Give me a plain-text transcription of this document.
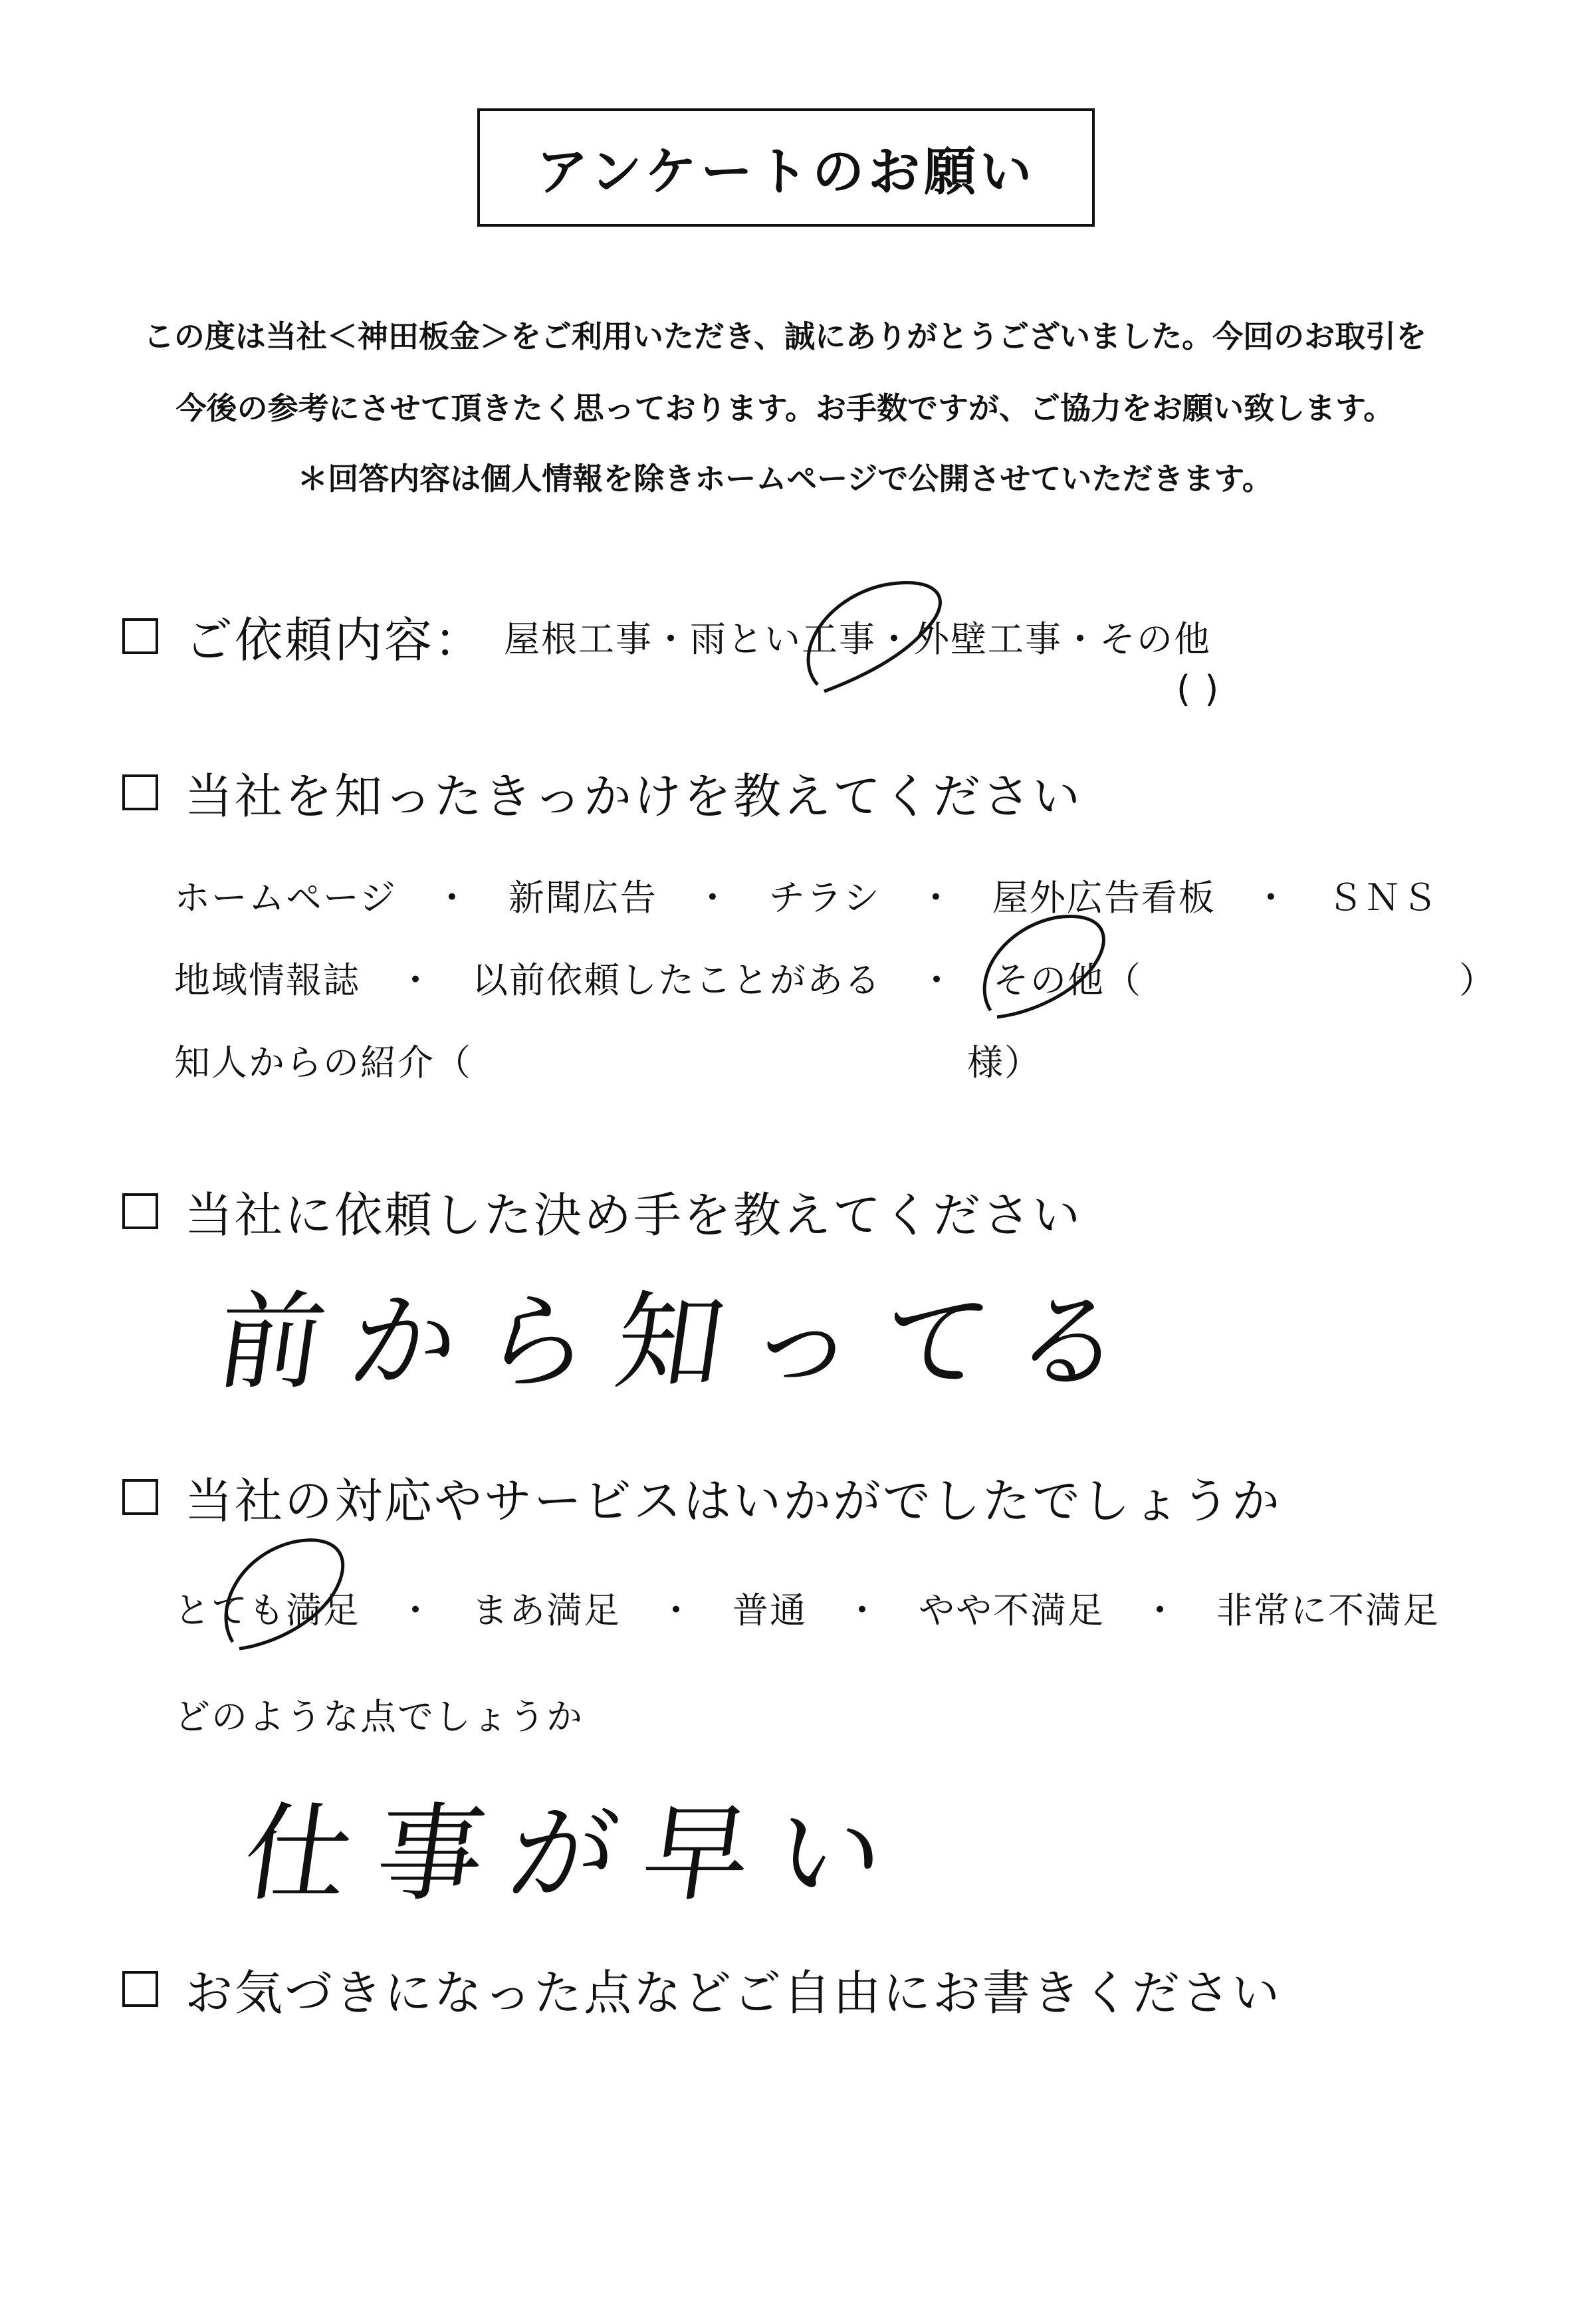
アンケートのお願い
この度は当社＜神田板金＞をご利用いただき、誠にありがとうございました。今回のお取引を
今後の参考にさせて頂きたく思っております。お手数ですが、ご協力をお願い致します。
＊回答内容は個人情報を除きホームページで公開させていただきます。
ご依頼内容： 屋根工事・雨とい工事・外壁工事・その他
( )
当社を知ったきっかけを教えてください
ホームページ　・　新聞広告　・　チラシ　・　屋外広告看板　・　ＳＮＳ
地域情報誌　・　以前依頼したことがある　・　その他（	）
知人からの紹介（	様）
当社に依頼した決め手を教えてください
前から知ってる
当社の対応やサービスはいかがでしたでしょうか
とても満足　・　まあ満足　・　普通　・　やや不満足　・　非常に不満足
どのような点でしょうか
仕事が早い
お気づきになった点などご自由にお書きください
